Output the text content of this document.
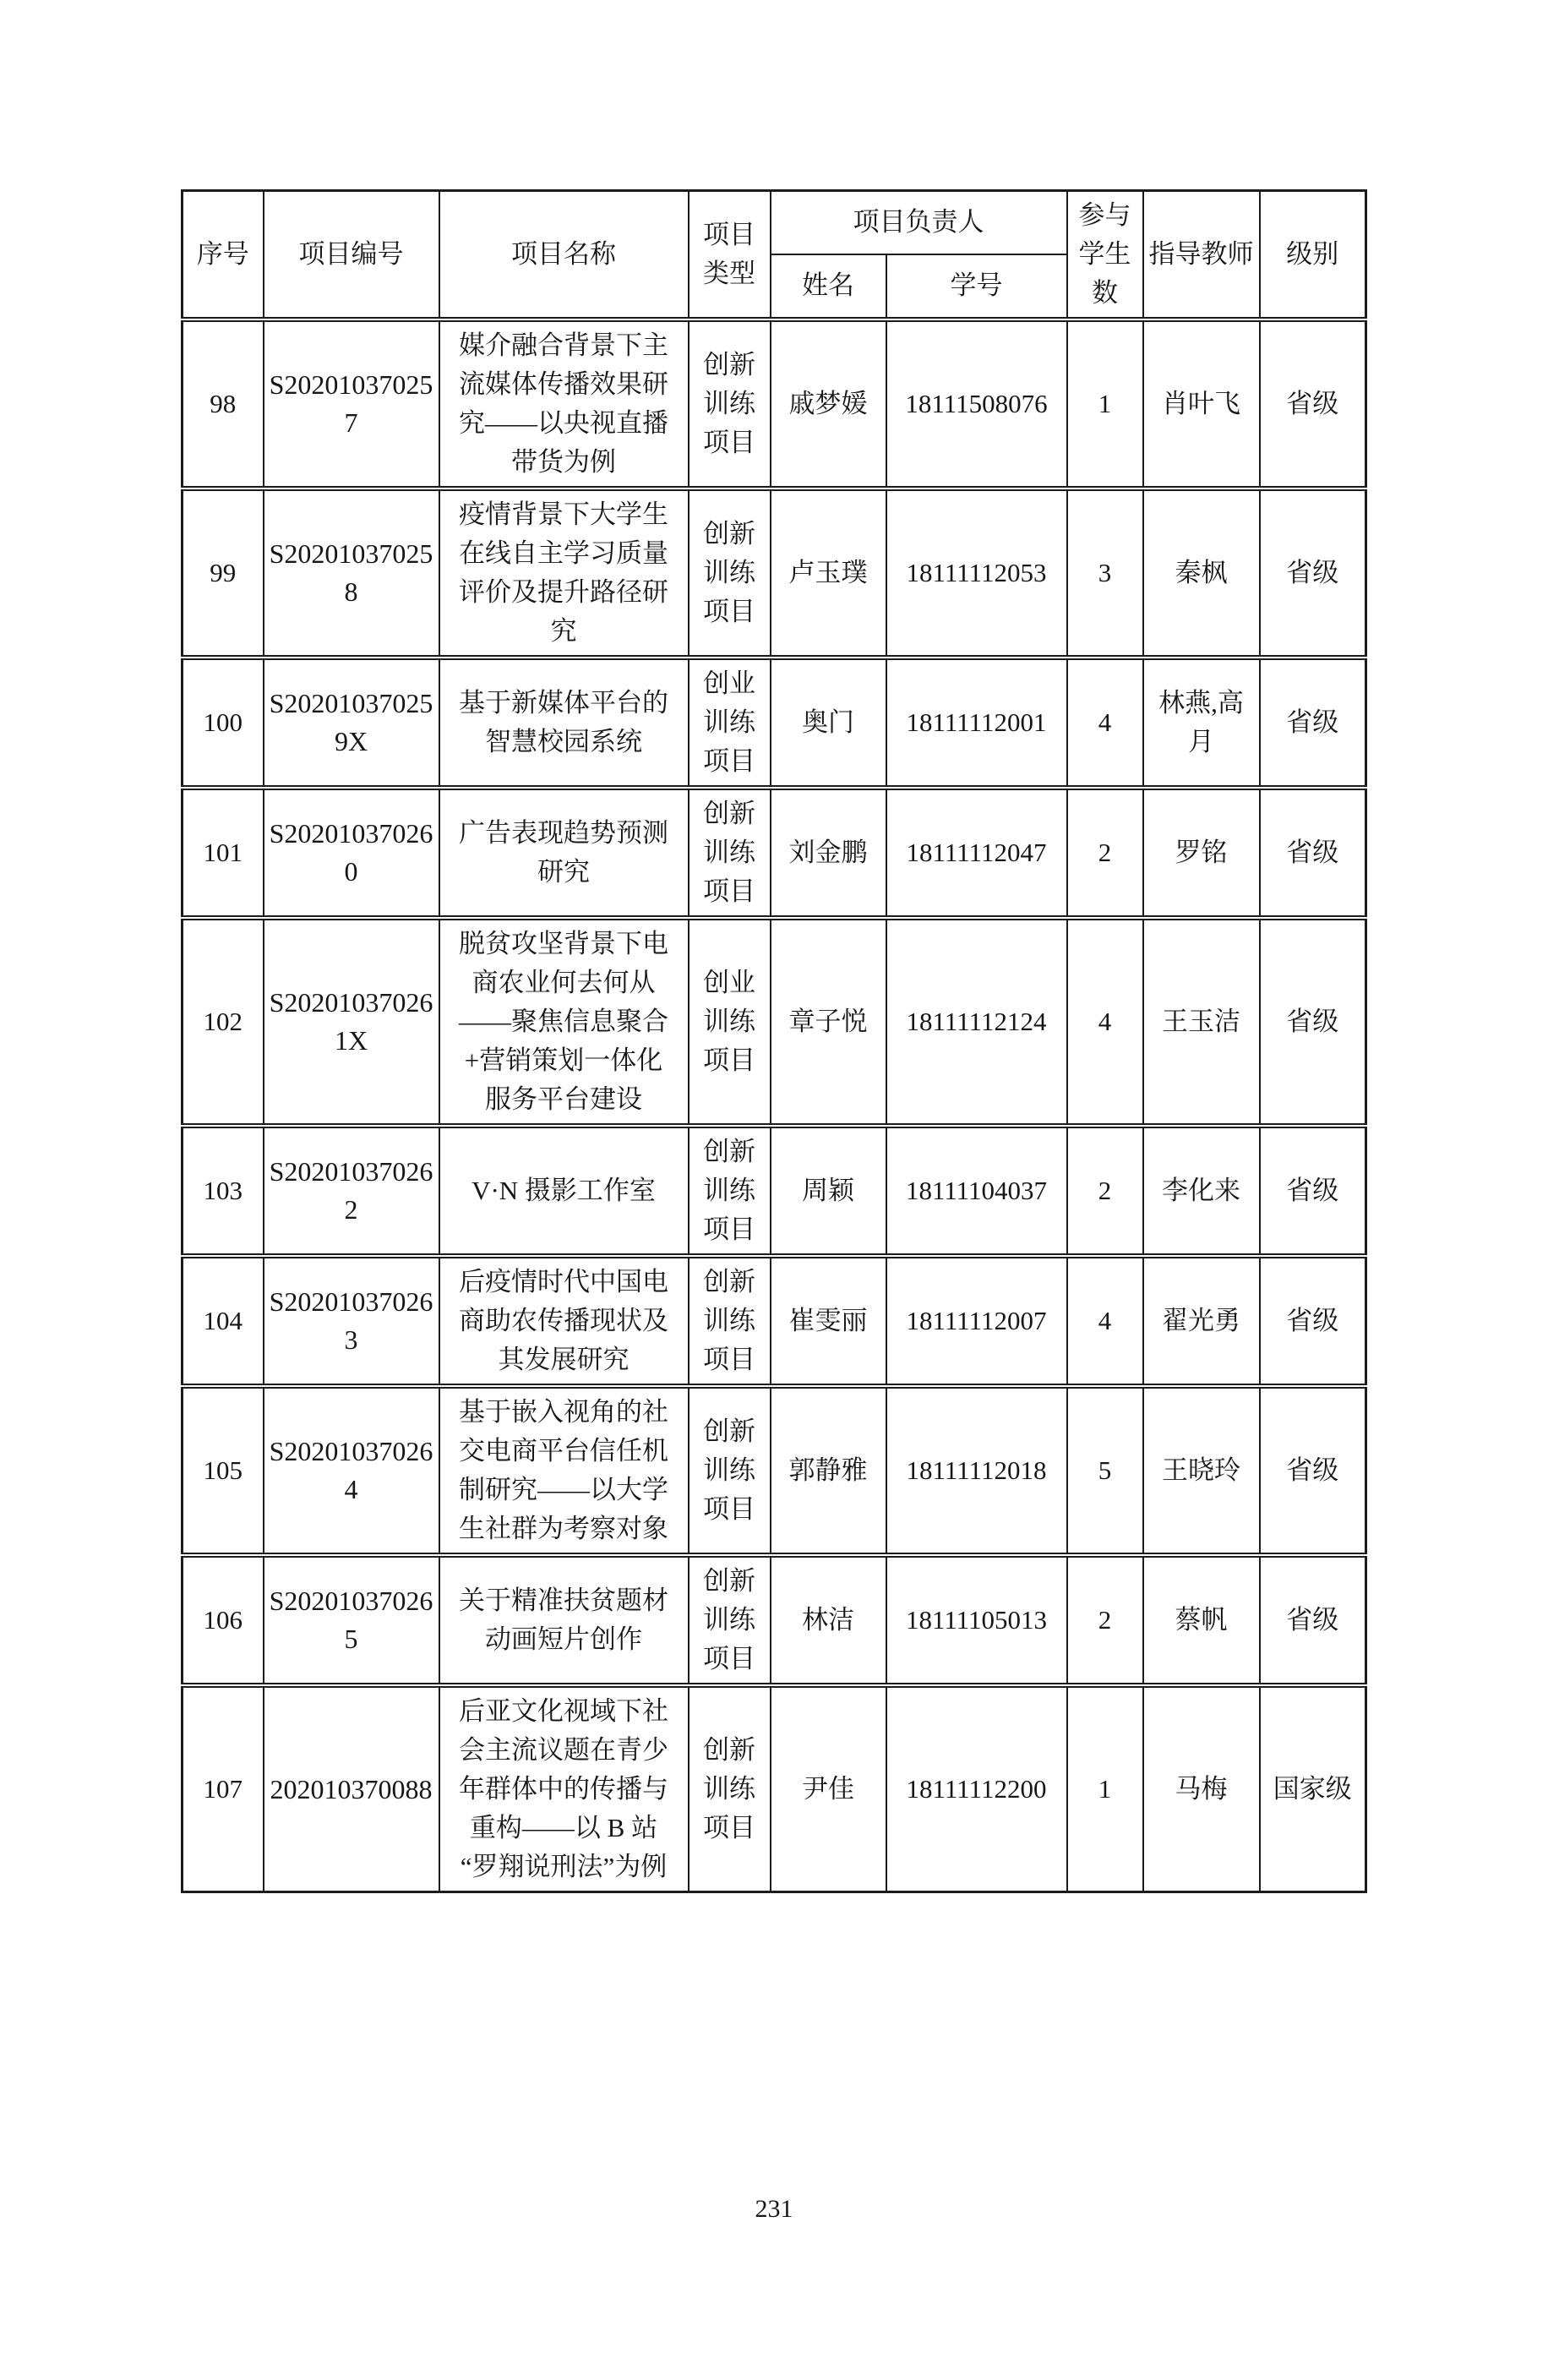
序号	项目编号	项目名称	项目类型	项目负责人		参与学生数	指导教师	级别
				姓名	学号			
98	S202010370257	媒介融合背景下主流媒体传播效果研究——以央视直播带货为例	创新训练项目	戚梦媛	18111508076	1	肖叶飞	省级
99	S202010370258	疫情背景下大学生在线自主学习质量评价及提升路径研究	创新训练项目	卢玉璞	18111112053	3	秦枫	省级
100	S202010370259X	基于新媒体平台的智慧校园系统	创业训练项目	奥门	18111112001	4	林燕,高月	省级
101	S202010370260	广告表现趋势预测研究	创新训练项目	刘金鹏	18111112047	2	罗铭	省级
102	S202010370261X	脱贫攻坚背景下电商农业何去何从——聚焦信息聚合+营销策划一体化服务平台建设	创业训练项目	章子悦	18111112124	4	王玉洁	省级
103	S202010370262	V·N 摄影工作室	创新训练项目	周颖	18111104037	2	李化来	省级
104	S202010370263	后疫情时代中国电商助农传播现状及其发展研究	创新训练项目	崔雯丽	18111112007	4	翟光勇	省级
105	S202010370264	基于嵌入视角的社交电商平台信任机制研究——以大学生社群为考察对象	创新训练项目	郭静雅	18111112018	5	王晓玲	省级
106	S202010370265	关于精准扶贫题材动画短片创作	创新训练项目	林洁	18111105013	2	蔡帆	省级
107	202010370088	后亚文化视域下社会主流议题在青少年群体中的传播与重构——以 B 站“罗翔说刑法”为例	创新训练项目	尹佳	18111112200	1	马梅	国家级
231
